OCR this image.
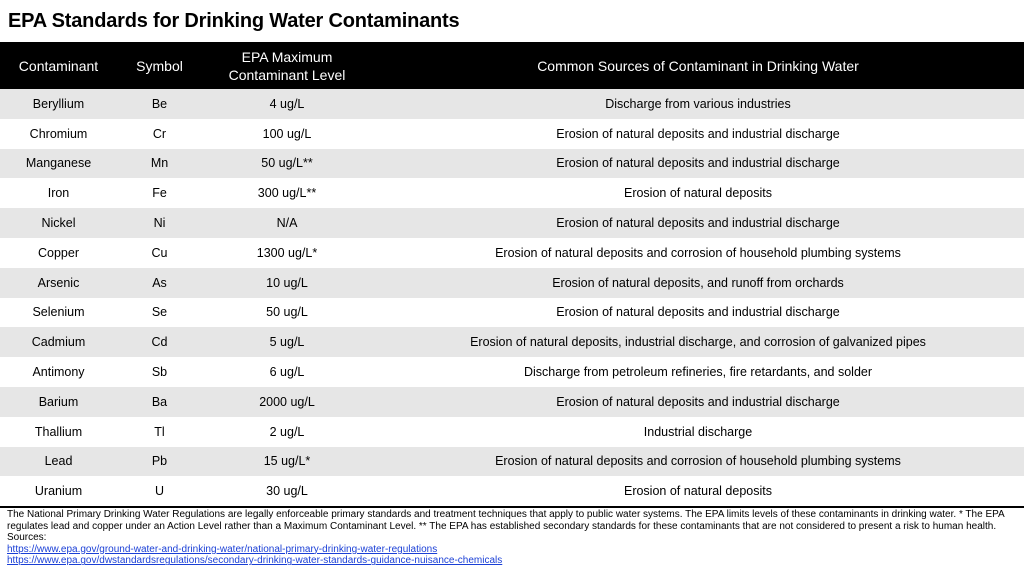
EPA Standards for Drinking Water Contaminants
Contaminant	Symbol	EPA Maximum Contaminant Level	Common Sources of Contaminant in Drinking Water
Beryllium	Be	4 ug/L	Discharge from various industries
Chromium	Cr	100 ug/L	Erosion of natural deposits and industrial discharge
Manganese	Mn	50 ug/L**	Erosion of natural deposits and industrial discharge
Iron	Fe	300 ug/L**	Erosion of natural deposits
Nickel	Ni	N/A	Erosion of natural deposits and industrial discharge
Copper	Cu	1300 ug/L*	Erosion of natural deposits and corrosion of household plumbing systems
Arsenic	As	10 ug/L	Erosion of natural deposits, and runoff from orchards
Selenium	Se	50 ug/L	Erosion of natural deposits and industrial discharge
Cadmium	Cd	5 ug/L	Erosion of natural deposits, industrial discharge, and corrosion of galvanized pipes
Antimony	Sb	6 ug/L	Discharge from petroleum refineries, fire retardants, and solder
Barium	Ba	2000 ug/L	Erosion of natural deposits and industrial discharge
Thallium	Tl	2 ug/L	Industrial discharge
Lead	Pb	15 ug/L*	Erosion of natural deposits and corrosion of household plumbing systems
Uranium	U	30 ug/L	Erosion of natural deposits
The National Primary Drinking Water Regulations are legally enforceable primary standards and treatment techniques that apply to public water systems. The EPA limits levels of these contaminants in drinking water. * The EPA regulates lead and copper under an Action Level rather than a Maximum Contaminant Level. ** The EPA has established secondary standards for these contaminants that are not considered to present a risk to human health. Sources:
https://www.epa.gov/ground-water-and-drinking-water/national-primary-drinking-water-regulations
https://www.epa.gov/dwstandardsregulations/secondary-drinking-water-standards-guidance-nuisance-chemicals
